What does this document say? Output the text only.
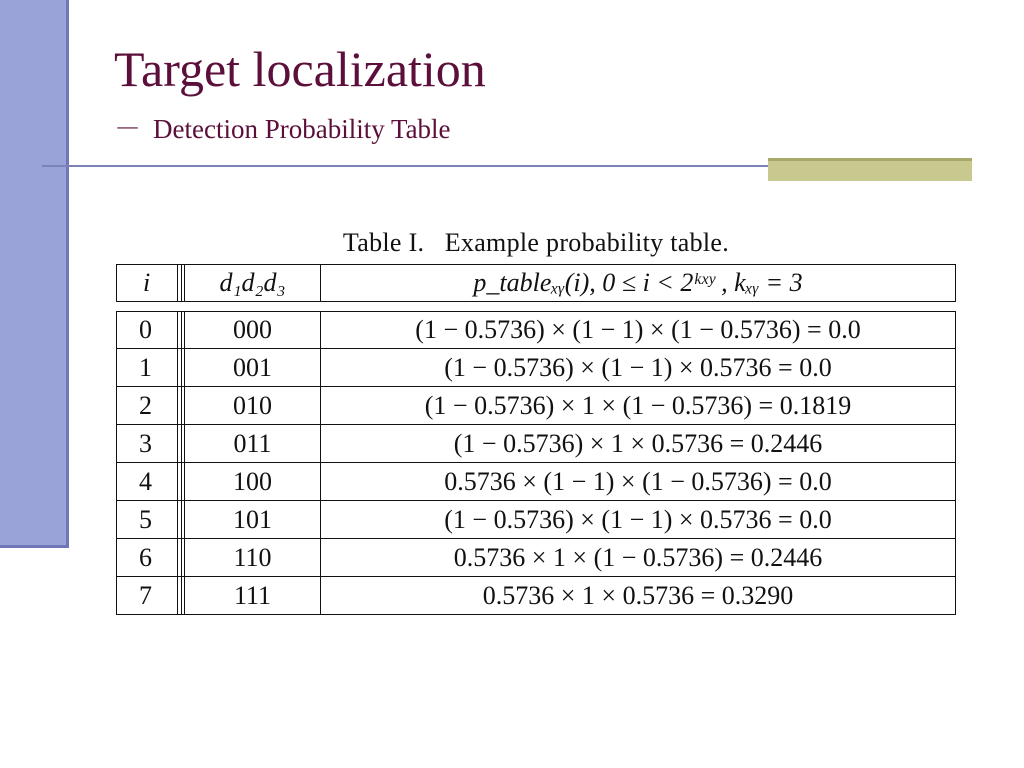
Target localization
－ Detection Probability Table
Table I.   Example probability table.
i	d₁d₂d₃	p_tableₓᵧ(i), 0 ≤ i < 2ᵏˣʸ , kₓᵧ = 3
0	000	(1 − 0.5736) × (1 − 1) × (1 − 0.5736) = 0.0
1	001	(1 − 0.5736) × (1 − 1) × 0.5736 = 0.0
2	010	(1 − 0.5736) × 1 × (1 − 0.5736) = 0.1819
3	011	(1 − 0.5736) × 1 × 0.5736 = 0.2446
4	100	0.5736 × (1 − 1) × (1 − 0.5736) = 0.0
5	101	(1 − 0.5736) × (1 − 1) × 0.5736 = 0.0
6	110	0.5736 × 1 × (1 − 0.5736) = 0.2446
7	111	0.5736 × 1 × 0.5736 = 0.3290
